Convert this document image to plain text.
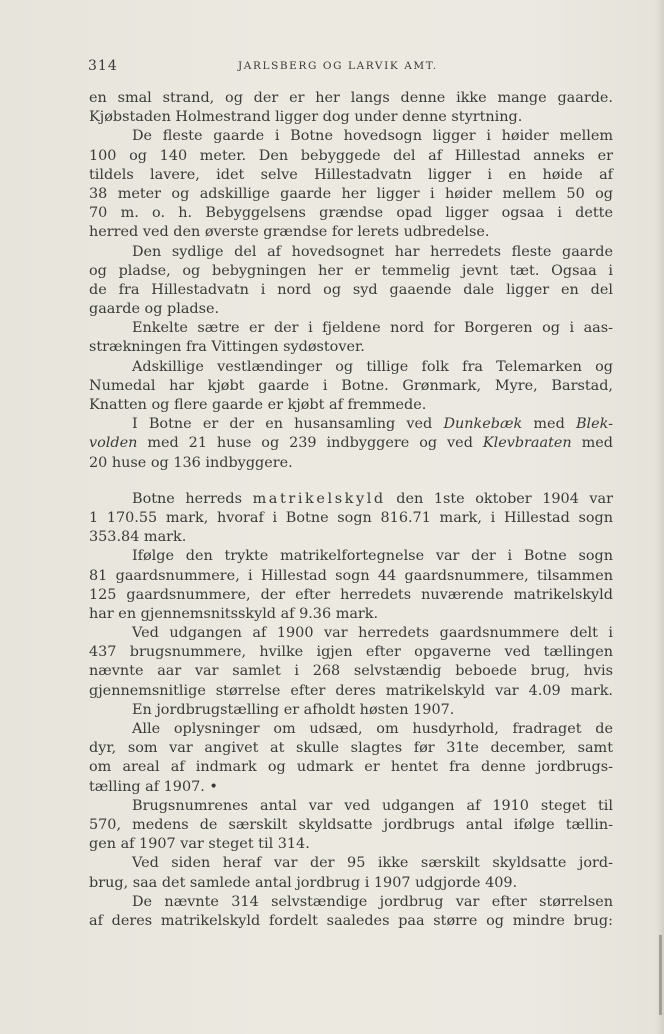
314	JARLSBERG OG LARVIK AMT.
en smal strand, og der er her langs denne ikke mange gaarde.
Kjøbstaden Holmestrand ligger dog under denne styrtning.
De fleste gaarde i Botne hovedsogn ligger i høider mellem
100 og 140 meter. Den bebyggede del af Hillestad anneks er
tildels lavere, idet selve Hillestadvatn ligger i en høide af
38 meter og adskillige gaarde her ligger i høider mellem 50 og
70 m. o. h. Bebyggelsens grændse opad ligger ogsaa i dette
herred ved den øverste grændse for lerets udbredelse.
Den sydlige del af hovedsognet har herredets fleste gaarde
og pladse, og bebygningen her er temmelig jevnt tæt. Ogsaa i
de fra Hillestadvatn i nord og syd gaaende dale ligger en del
gaarde og pladse.
Enkelte sætre er der i fjeldene nord for Borgeren og i aas-
strækningen fra Vittingen sydøstover.
Adskillige vestlændinger og tillige folk fra Telemarken og
Numedal har kjøbt gaarde i Botne. Grønmark, Myre, Barstad,
Knatten og flere gaarde er kjøbt af fremmede.
I Botne er der en husansamling ved Dunkebæk med Blek-
volden med 21 huse og 239 indbyggere og ved Klevbraaten med
20 huse og 136 indbyggere.
Botne herreds matrikelskyld den 1ste oktober 1904 var
1 170.55 mark, hvoraf i Botne sogn 816.71 mark, i Hillestad sogn
353.84 mark.
Ifølge den trykte matrikelfortegnelse var der i Botne sogn
81 gaardsnummere, i Hillestad sogn 44 gaardsnummere, tilsammen
125 gaardsnummere, der efter herredets nuværende matrikelskyld
har en gjennemsnitsskyld af 9.36 mark.
Ved udgangen af 1900 var herredets gaardsnummere delt i
437 brugsnummere, hvilke igjen efter opgaverne ved tællingen
nævnte aar var samlet i 268 selvstændig beboede brug, hvis
gjennemsnitlige størrelse efter deres matrikelskyld var 4.09 mark.
En jordbrugstælling er afholdt høsten 1907.
Alle oplysninger om udsæd, om husdyrhold, fradraget de
dyr, som var angivet at skulle slagtes før 31te december, samt
om areal af indmark og udmark er hentet fra denne jordbrugs-
tælling af 1907. •
Brugsnumrenes antal var ved udgangen af 1910 steget til
570, medens de særskilt skyldsatte jordbrugs antal ifølge tællin-
gen af 1907 var steget til 314.
Ved siden heraf var der 95 ikke særskilt skyldsatte jord-
brug, saa det samlede antal jordbrug i 1907 udgjorde 409.
De nævnte 314 selvstændige jordbrug var efter størrelsen
af deres matrikelskyld fordelt saaledes paa større og mindre brug:
